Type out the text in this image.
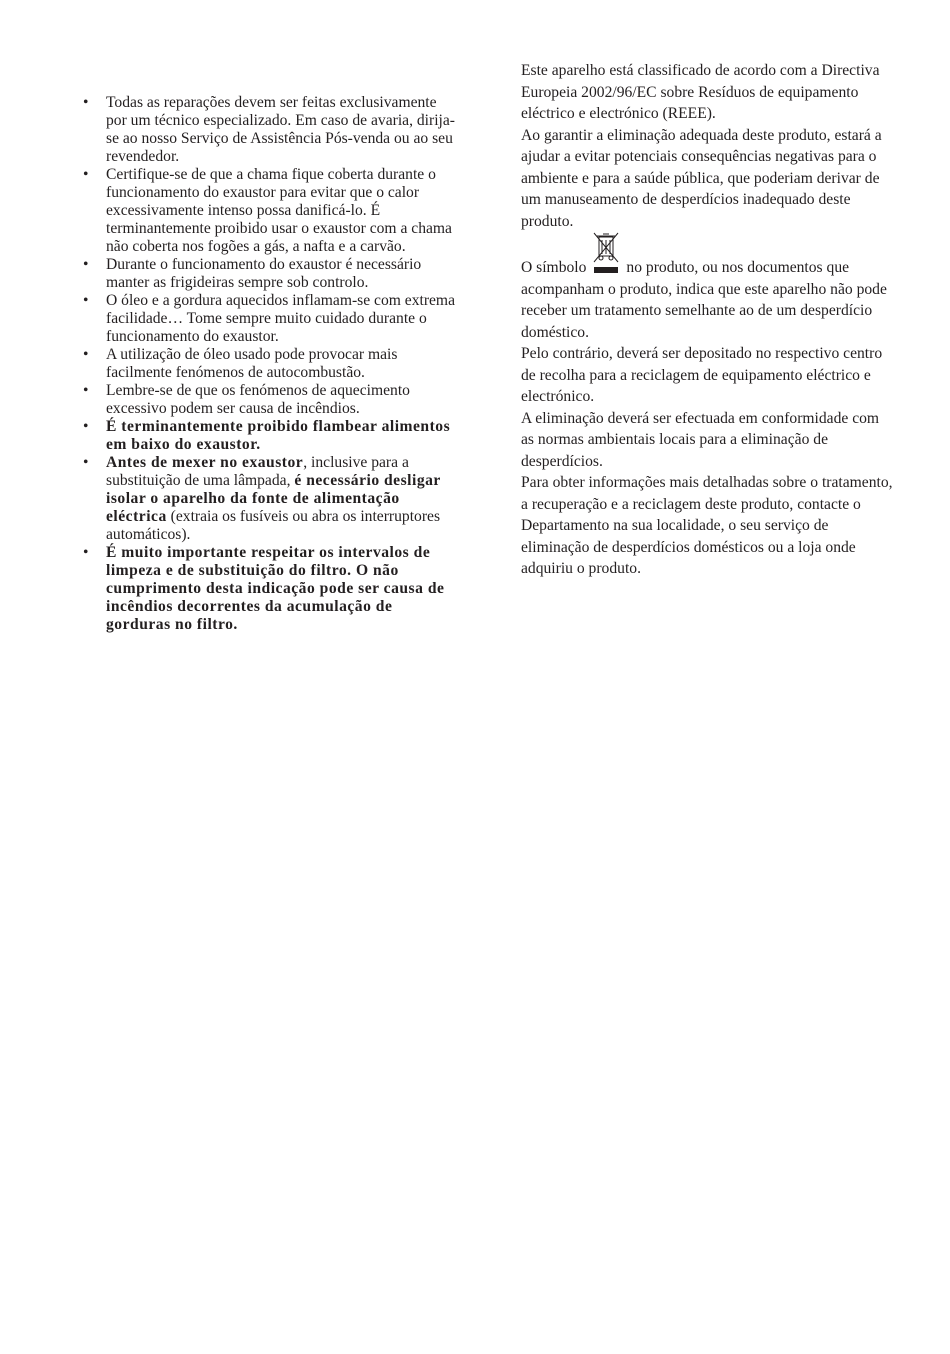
• Todas as reparações devem ser feitas exclusivamente por um técnico especializado. Em caso de avaria, dirija-se ao nosso Serviço de Assistência Pós-venda ou ao seu revendedor.
• Certifique-se de que a chama fique coberta durante o funcionamento do exaustor para evitar que o calor excessivamente intenso possa danificá-lo. É terminantemente proibido usar o exaustor com a chama não coberta nos fogões a gás, a nafta e a carvão.
• Durante o funcionamento do exaustor é necessário manter as frigideiras sempre sob controlo.
• O óleo e a gordura aquecidos inflamam-se com extrema facilidade… Tome sempre muito cuidado durante o funcionamento do exaustor.
• A utilização de óleo usado pode provocar mais facilmente fenómenos de autocombustão.
• Lembre-se de que os fenómenos de aquecimento excessivo podem ser causa de incêndios.
• É terminantemente proibido flambear alimentos em baixo do exaustor.
• Antes de mexer no exaustor, inclusive para a substituição de uma lâmpada, é necessário desligar isolar o aparelho da fonte de alimentação eléctrica (extraia os fusíveis ou abra os interruptores automáticos).
• É muito importante respeitar os intervalos de limpeza e de substituição do filtro. O não cumprimento desta indicação pode ser causa de incêndios decorrentes da acumulação de gorduras no filtro.

Este aparelho está classificado de acordo com a Directiva Europeia 2002/96/EC sobre Resíduos de equipamento eléctrico e electrónico (REEE).

Ao garantir a eliminação adequada deste produto, estará a ajudar a evitar potenciais consequências negativas para o ambiente e para a saúde pública, que poderiam derivar de um manuseamento de desperdícios inadequado deste produto.

O símbolo	no produto, ou nos documentos que acompanham o produto, indica que este aparelho não pode receber um tratamento semelhante ao de um desperdício doméstico.

Pelo contrário, deverá ser depositado no respectivo centro de recolha para a reciclagem de equipamento eléctrico e electrónico.

A eliminação deverá ser efectuada em conformidade com as normas ambientais locais para a eliminação de desperdícios.

Para obter informações mais detalhadas sobre o tratamento, a recuperação e a reciclagem deste produto, contacte o Departamento na sua localidade, o seu serviço de eliminação de desperdícios domésticos ou a loja onde adquiriu o produto.
